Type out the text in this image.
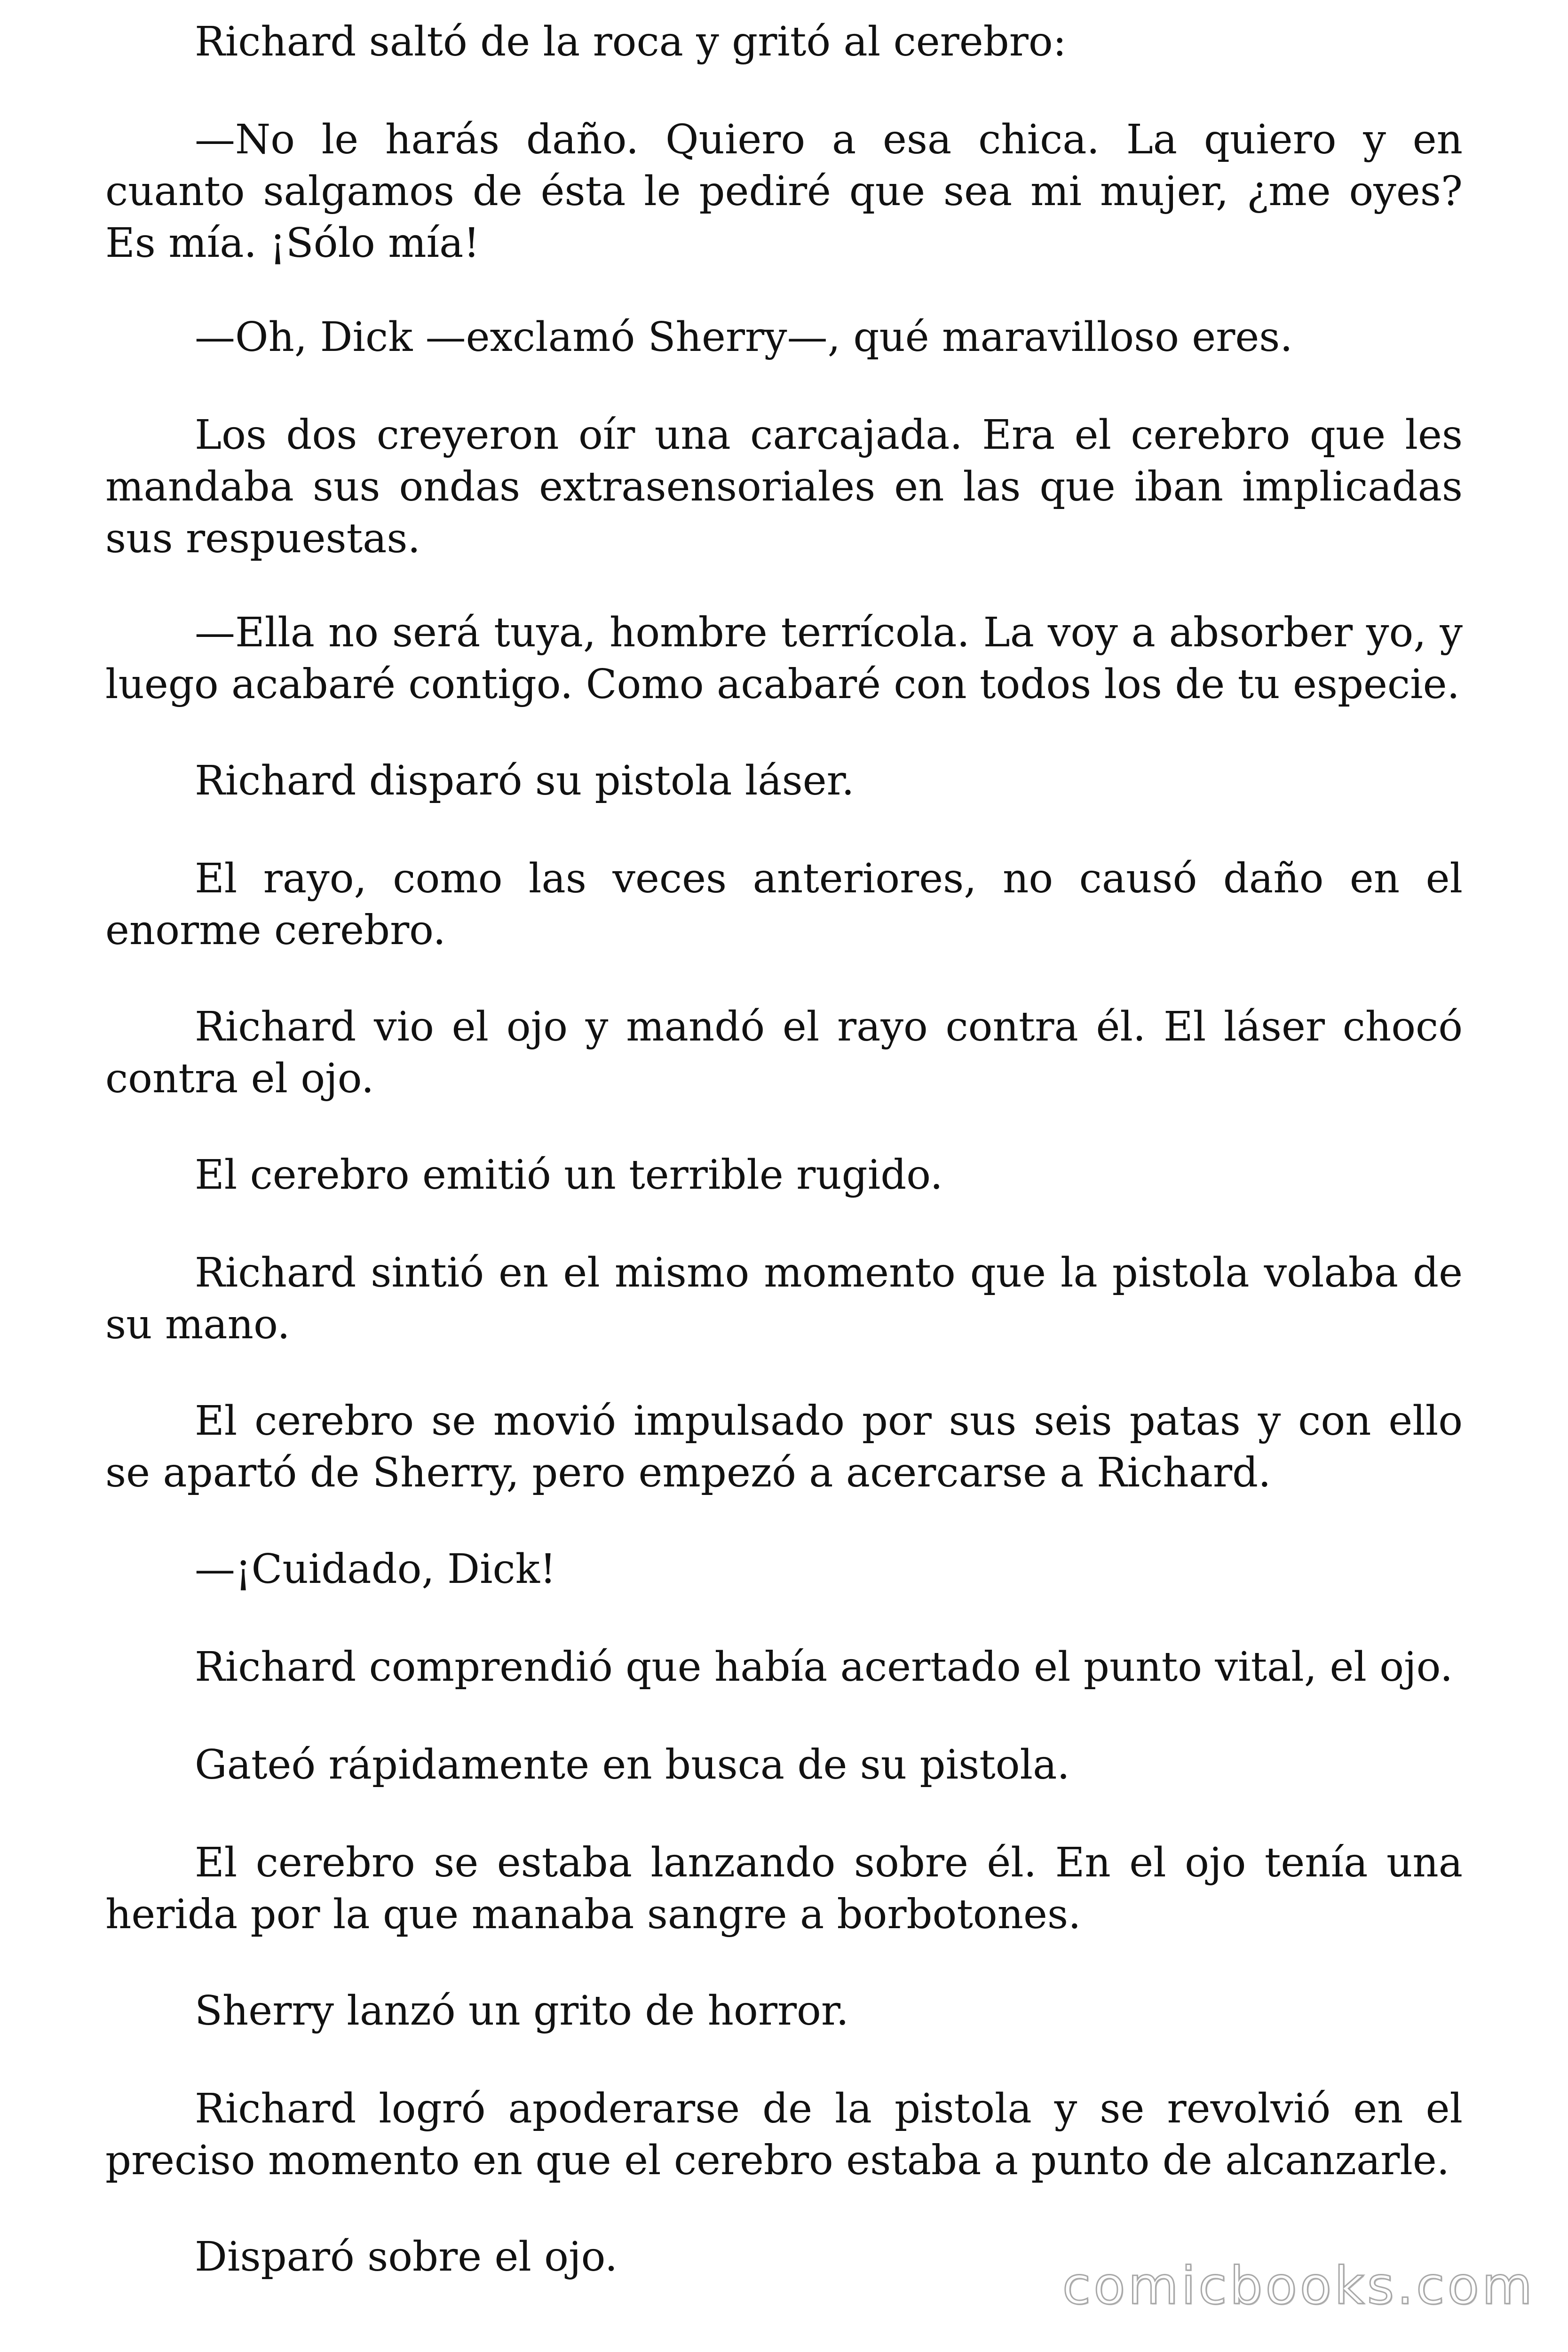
Richard saltó de la roca y gritó al cerebro:

—No le harás daño. Quiero a esa chica. La quiero y en cuanto salgamos de ésta le pediré que sea mi mujer, ¿me oyes? Es mía. ¡Sólo mía!

—Oh, Dick —exclamó Sherry—, qué maravilloso eres.

Los dos creyeron oír una carcajada. Era el cerebro que les mandaba sus ondas extrasensoriales en las que iban implicadas sus respuestas.

—Ella no será tuya, hombre terrícola. La voy a absorber yo, y luego acabaré contigo. Como acabaré con todos los de tu especie.

Richard disparó su pistola láser.

El rayo, como las veces anteriores, no causó daño en el enorme cerebro.

Richard vio el ojo y mandó el rayo contra él. El láser chocó contra el ojo.

El cerebro emitió un terrible rugido.

Richard sintió en el mismo momento que la pistola volaba de su mano.

El cerebro se movió impulsado por sus seis patas y con ello se apartó de Sherry, pero empezó a acercarse a Richard.

—¡Cuidado, Dick!

Richard comprendió que había acertado el punto vital, el ojo.

Gateó rápidamente en busca de su pistola.

El cerebro se estaba lanzando sobre él. En el ojo tenía una herida por la que manaba sangre a borbotones.

Sherry lanzó un grito de horror.

Richard logró apoderarse de la pistola y se revolvió en el preciso momento en que el cerebro estaba a punto de alcanzarle.

Disparó sobre el ojo.	comicbooks.com
